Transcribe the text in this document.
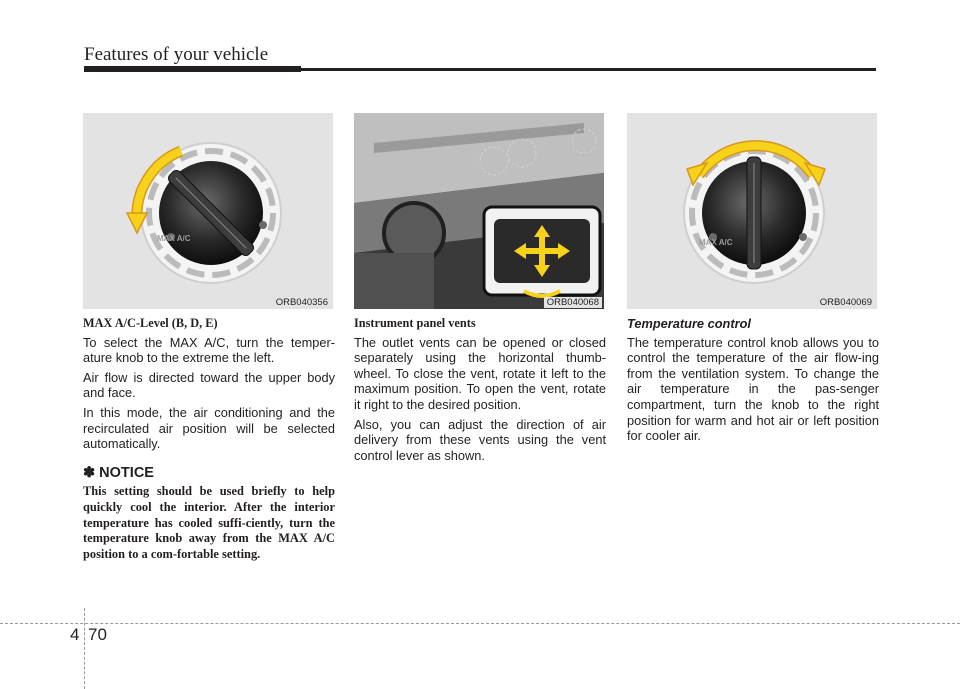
Features of your vehicle
MAX A/C
ORB040356	ORB040068
MAX A/C
ORB040069

MAX A/C-Level (B, D, E)

To select the MAX A/C, turn the temper-ature knob to the extreme the left.

Air flow is directed toward the upper body and face.

In this mode, the air conditioning and the recirculated air position will be selected automatically.

✽ NOTICE

This setting should be used briefly to help quickly cool the interior. After the interior temperature has cooled suffi-ciently, turn the temperature knob away from the MAX A/C position to a com-fortable setting.

Instrument panel vents

The outlet vents can be opened or closed separately using the horizontal thumb-wheel. To close the vent, rotate it left to the maximum position. To open the vent, rotate it right to the desired position.

Also, you can adjust the direction of air delivery from these vents using the vent control lever as shown.

Temperature control

The temperature control knob allows you to control the temperature of the air flow-ing from the ventilation system. To change the air temperature in the pas-senger compartment, turn the knob to the right position for warm and hot air or left position for cooler air.

4 70
